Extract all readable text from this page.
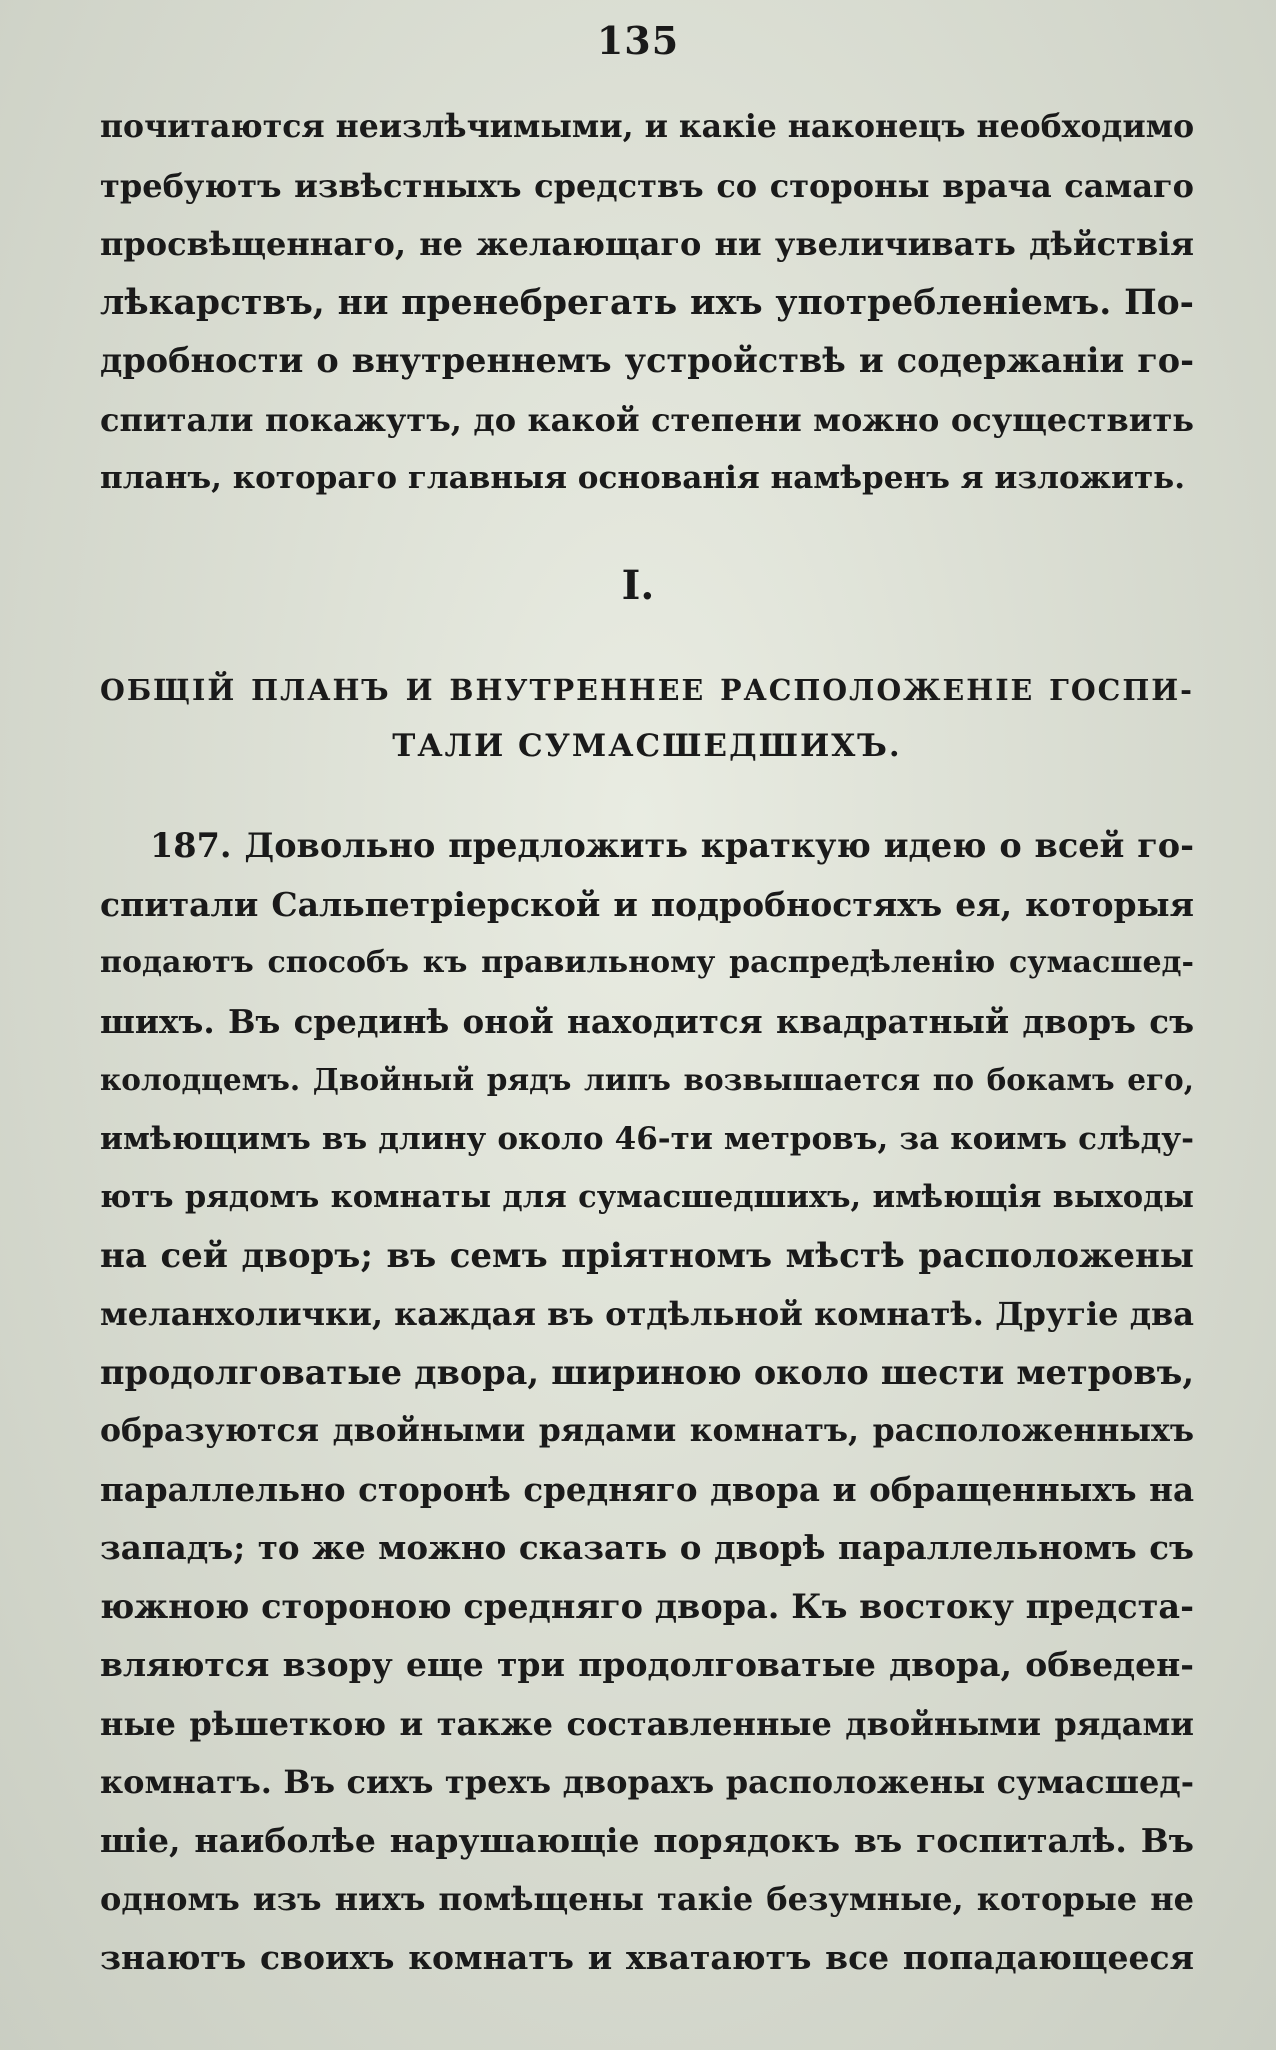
135
почитаются неизлѣчимыми, и какіе наконецъ необходимо
требуютъ извѣстныхъ средствъ со стороны врача самаго
просвѣщеннаго, не желающаго ни увеличивать дѣйствія
лѣкарствъ, ни пренебрегать ихъ употребленіемъ. По-
дробности о внутреннемъ устройствѣ и содержаніи го-
спитали покажутъ, до какой степени можно осуществить
планъ, котораго главныя основанія намѣренъ я изложить.
I.
ОБЩІЙ ПЛАНЪ И ВНУТРЕННЕЕ РАСПОЛОЖЕНІЕ ГОСПИ-
ТАЛИ СУМАСШЕДШИХЪ.
187. Довольно предложить краткую идею о всей го-
спитали Сальпетріерской и подробностяхъ ея, которыя
подаютъ способъ къ правильному распредѣленію сумасшед-
шихъ. Въ срединѣ оной находится квадратный дворъ съ
колодцемъ. Двойный рядъ липъ возвышается по бокамъ его,
имѣющимъ въ длину около 46-ти метровъ, за коимъ слѣду-
ютъ рядомъ комнаты для сумасшедшихъ, имѣющія выходы
на сей дворъ; въ семъ пріятномъ мѣстѣ расположены
меланхолички, каждая въ отдѣльной комнатѣ. Другіе два
продолговатые двора, шириною около шести метровъ,
образуются двойными рядами комнатъ, расположенныхъ
параллельно сторонѣ средняго двора и обращенныхъ на
западъ; то же можно сказать о дворѣ параллельномъ съ
южною стороною средняго двора. Къ востоку предста-
вляются взору еще три продолговатые двора, обведен-
ные рѣшеткою и также составленные двойными рядами
комнатъ. Въ сихъ трехъ дворахъ расположены сумасшед-
шіе, наиболѣе нарушающіе порядокъ въ госпиталѣ. Въ
одномъ изъ нихъ помѣщены такіе безумные, которые не
знаютъ своихъ комнатъ и хватаютъ все попадающееся
